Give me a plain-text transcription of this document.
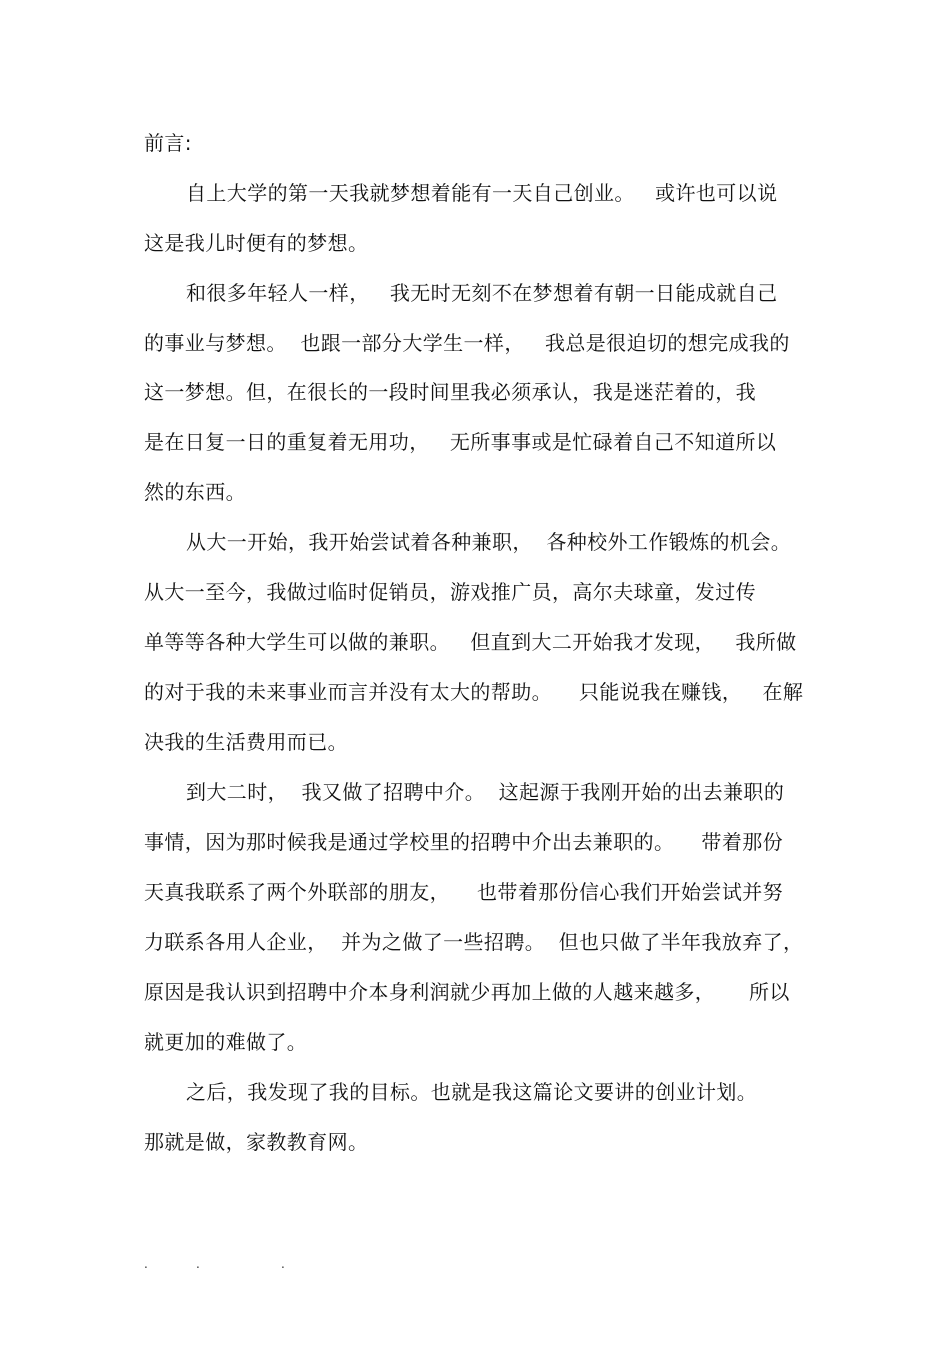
前言:
自上大学的第一天我就梦想着能有一天自己创业。   或许也可以说
这是我儿时便有的梦想。
和很多年轻人一样，   我无时无刻不在梦想着有朝一日能成就自己
的事业与梦想。  也跟一部分大学生一样，   我总是很迫切的想完成我的
这一梦想。但，在很长的一段时间里我必须承认，我是迷茫着的，我
是在日复一日的重复着无用功，   无所事事或是忙碌着自己不知道所以
然的东西。
从大一开始，我开始尝试着各种兼职，  各种校外工作锻炼的机会。
从大一至今，我做过临时促销员，游戏推广员，高尔夫球童，发过传
单等等各种大学生可以做的兼职。   但直到大二开始我才发现，   我所做
的对于我的未来事业而言并没有太大的帮助。    只能说我在赚钱，   在解
决我的生活费用而已。
到大二时，  我又做了招聘中介。  这起源于我刚开始的出去兼职的
事情，因为那时候我是通过学校里的招聘中介出去兼职的。    带着那份
天真我联系了两个外联部的朋友，    也带着那份信心我们开始尝试并努
力联系各用人企业，  并为之做了一些招聘。  但也只做了半年我放弃了，
原因是我认识到招聘中介本身利润就少再加上做的人越来越多，     所以
就更加的难做了。
之后，我发现了我的目标。也就是我这篇论文要讲的创业计划。
那就是做，家教教育网。
.	.	.
